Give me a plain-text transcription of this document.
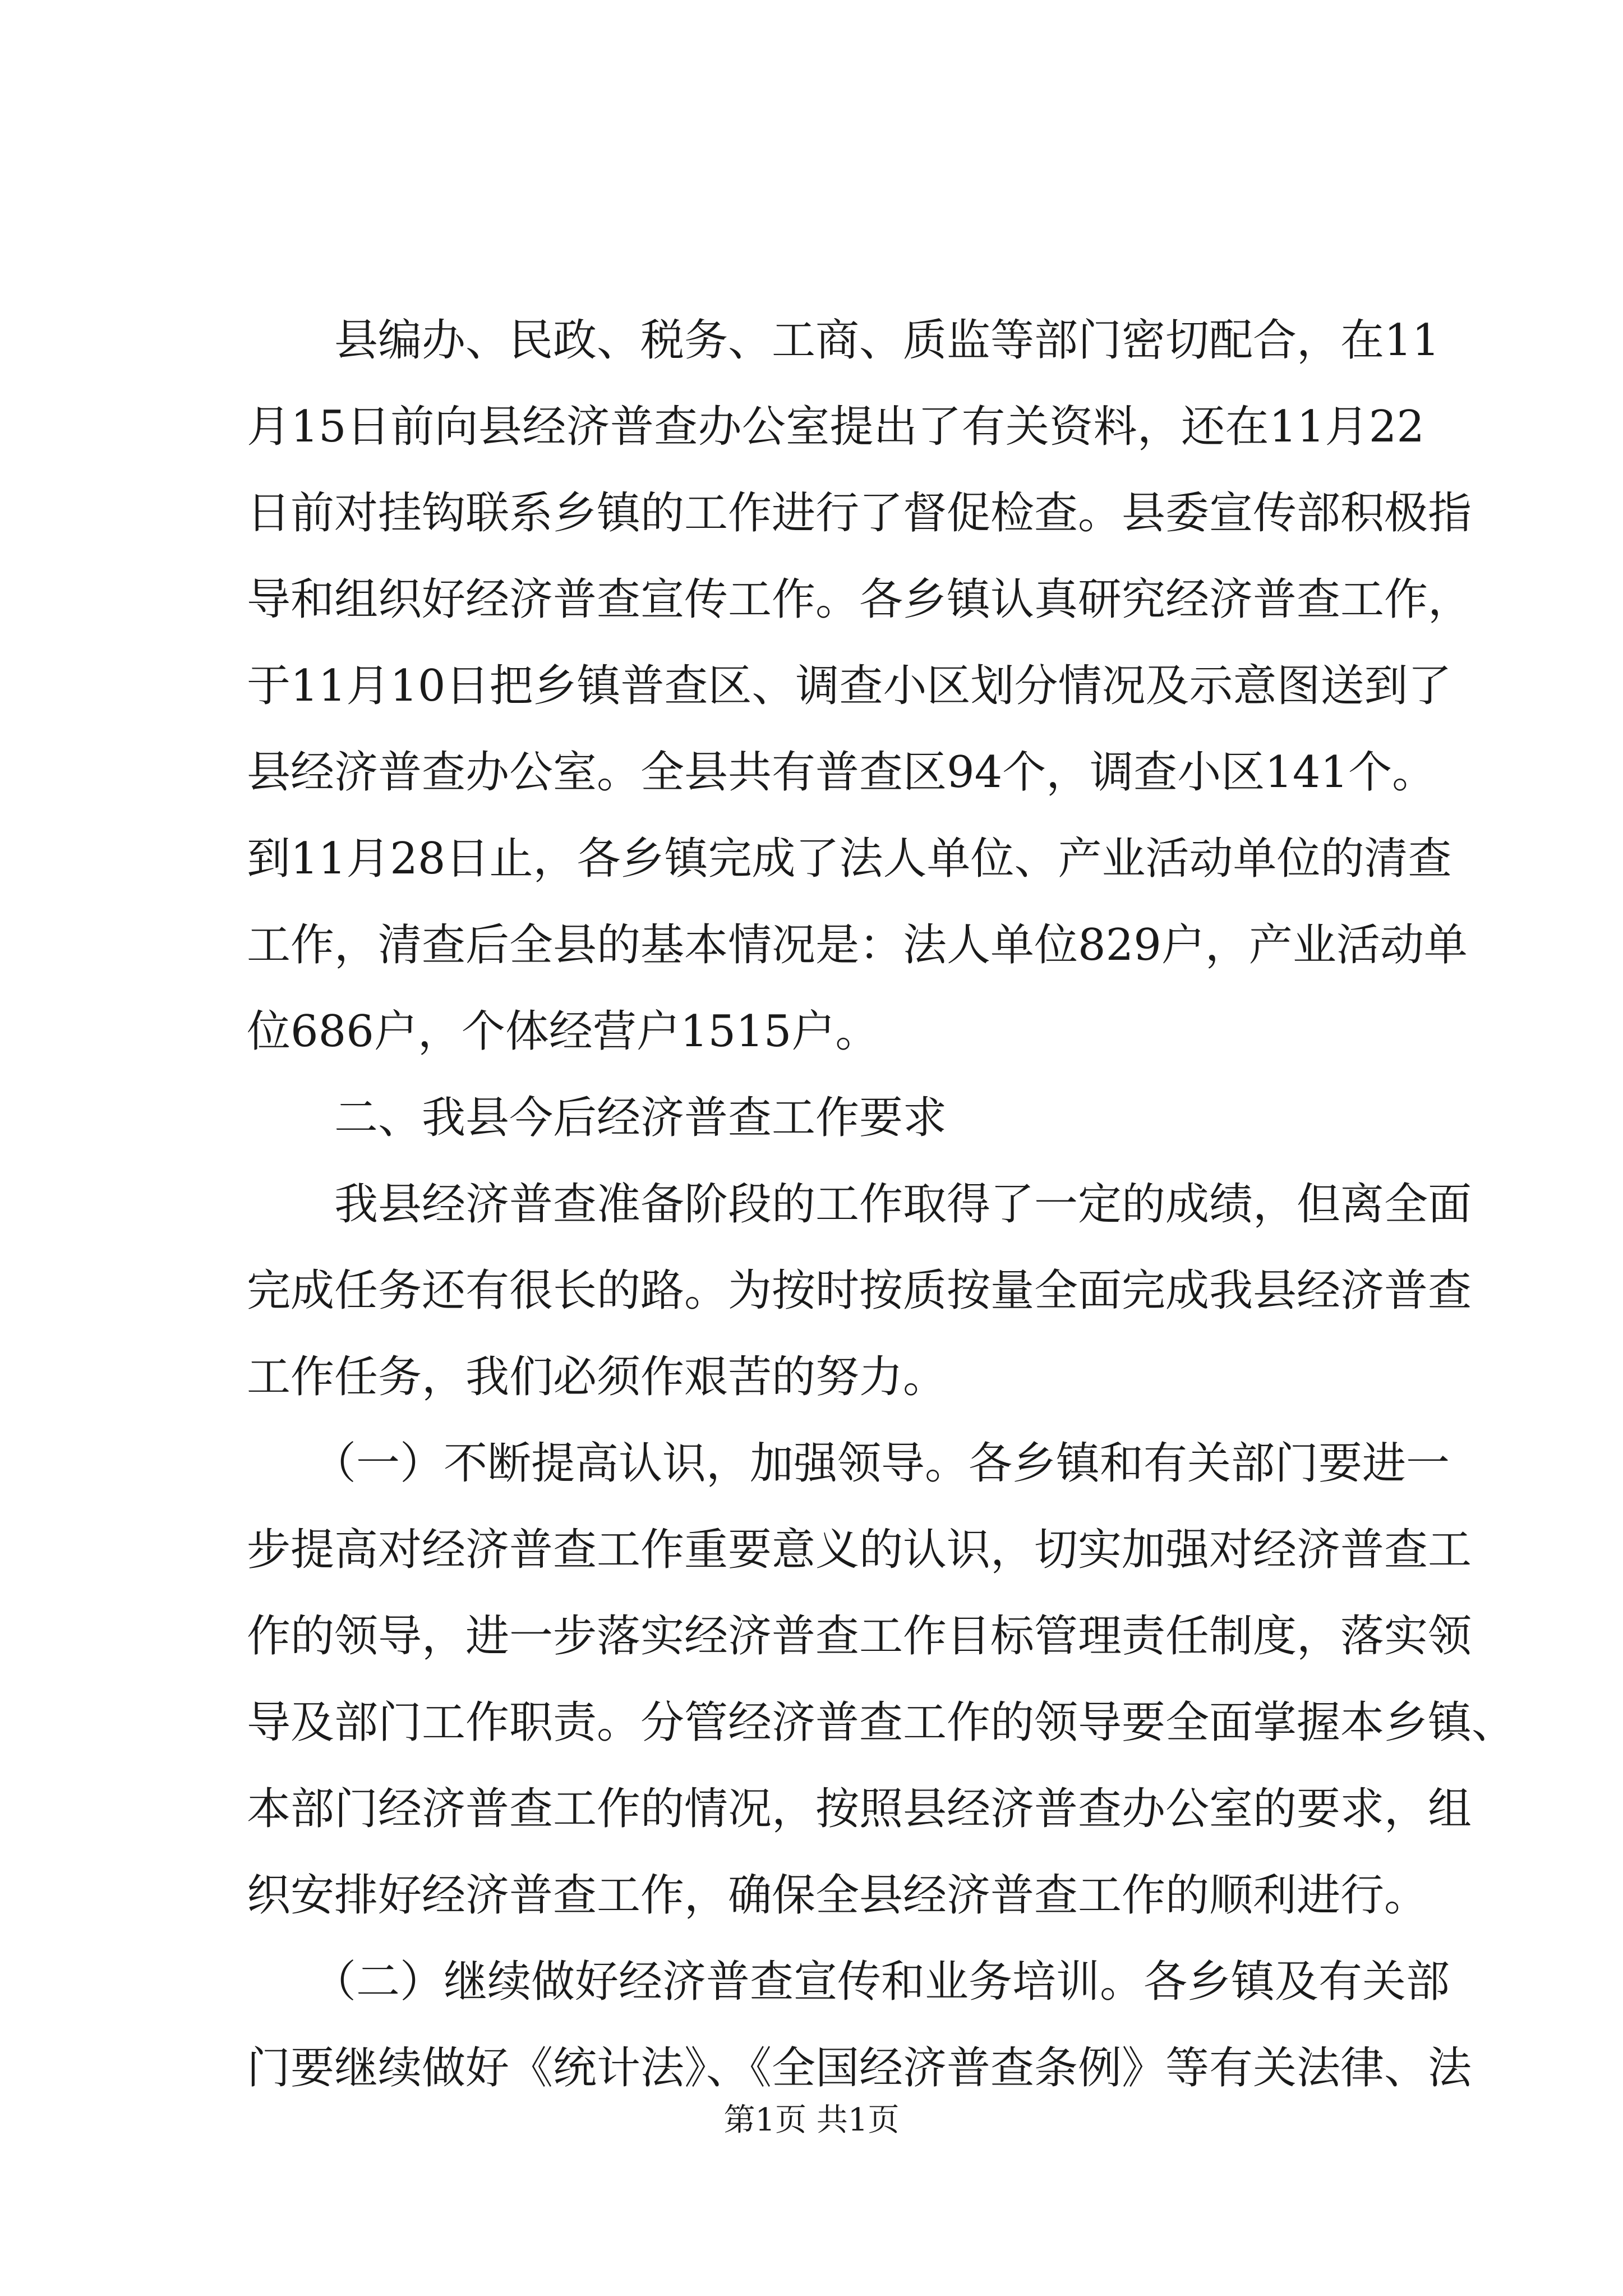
　　县编办、民政、税务、工商、质监等部门密切配合，在11
月15日前向县经济普查办公室提出了有关资料，还在11月22
日前对挂钩联系乡镇的工作进行了督促检查。县委宣传部积极指
导和组织好经济普查宣传工作。各乡镇认真研究经济普查工作，
于11月10日把乡镇普查区、调查小区划分情况及示意图送到了
县经济普查办公室。全县共有普查区94个，调查小区141个。
到11月28日止，各乡镇完成了法人单位、产业活动单位的清查
工作，清查后全县的基本情况是：法人单位829户，产业活动单
位686户，个体经营户1515户。
　　二、我县今后经济普查工作要求
　　我县经济普查准备阶段的工作取得了一定的成绩，但离全面
完成任务还有很长的路。为按时按质按量全面完成我县经济普查
工作任务，我们必须作艰苦的努力。
　　（一）不断提高认识，加强领导。各乡镇和有关部门要进一
步提高对经济普查工作重要意义的认识，切实加强对经济普查工
作的领导，进一步落实经济普查工作目标管理责任制度，落实领
导及部门工作职责。分管经济普查工作的领导要全面掌握本乡镇、
本部门经济普查工作的情况，按照县经济普查办公室的要求，组
织安排好经济普查工作，确保全县经济普查工作的顺利进行。
　　（二）继续做好经济普查宣传和业务培训。各乡镇及有关部
门要继续做好《统计法》、《全国经济普查条例》等有关法律、法
第1页 共1页
